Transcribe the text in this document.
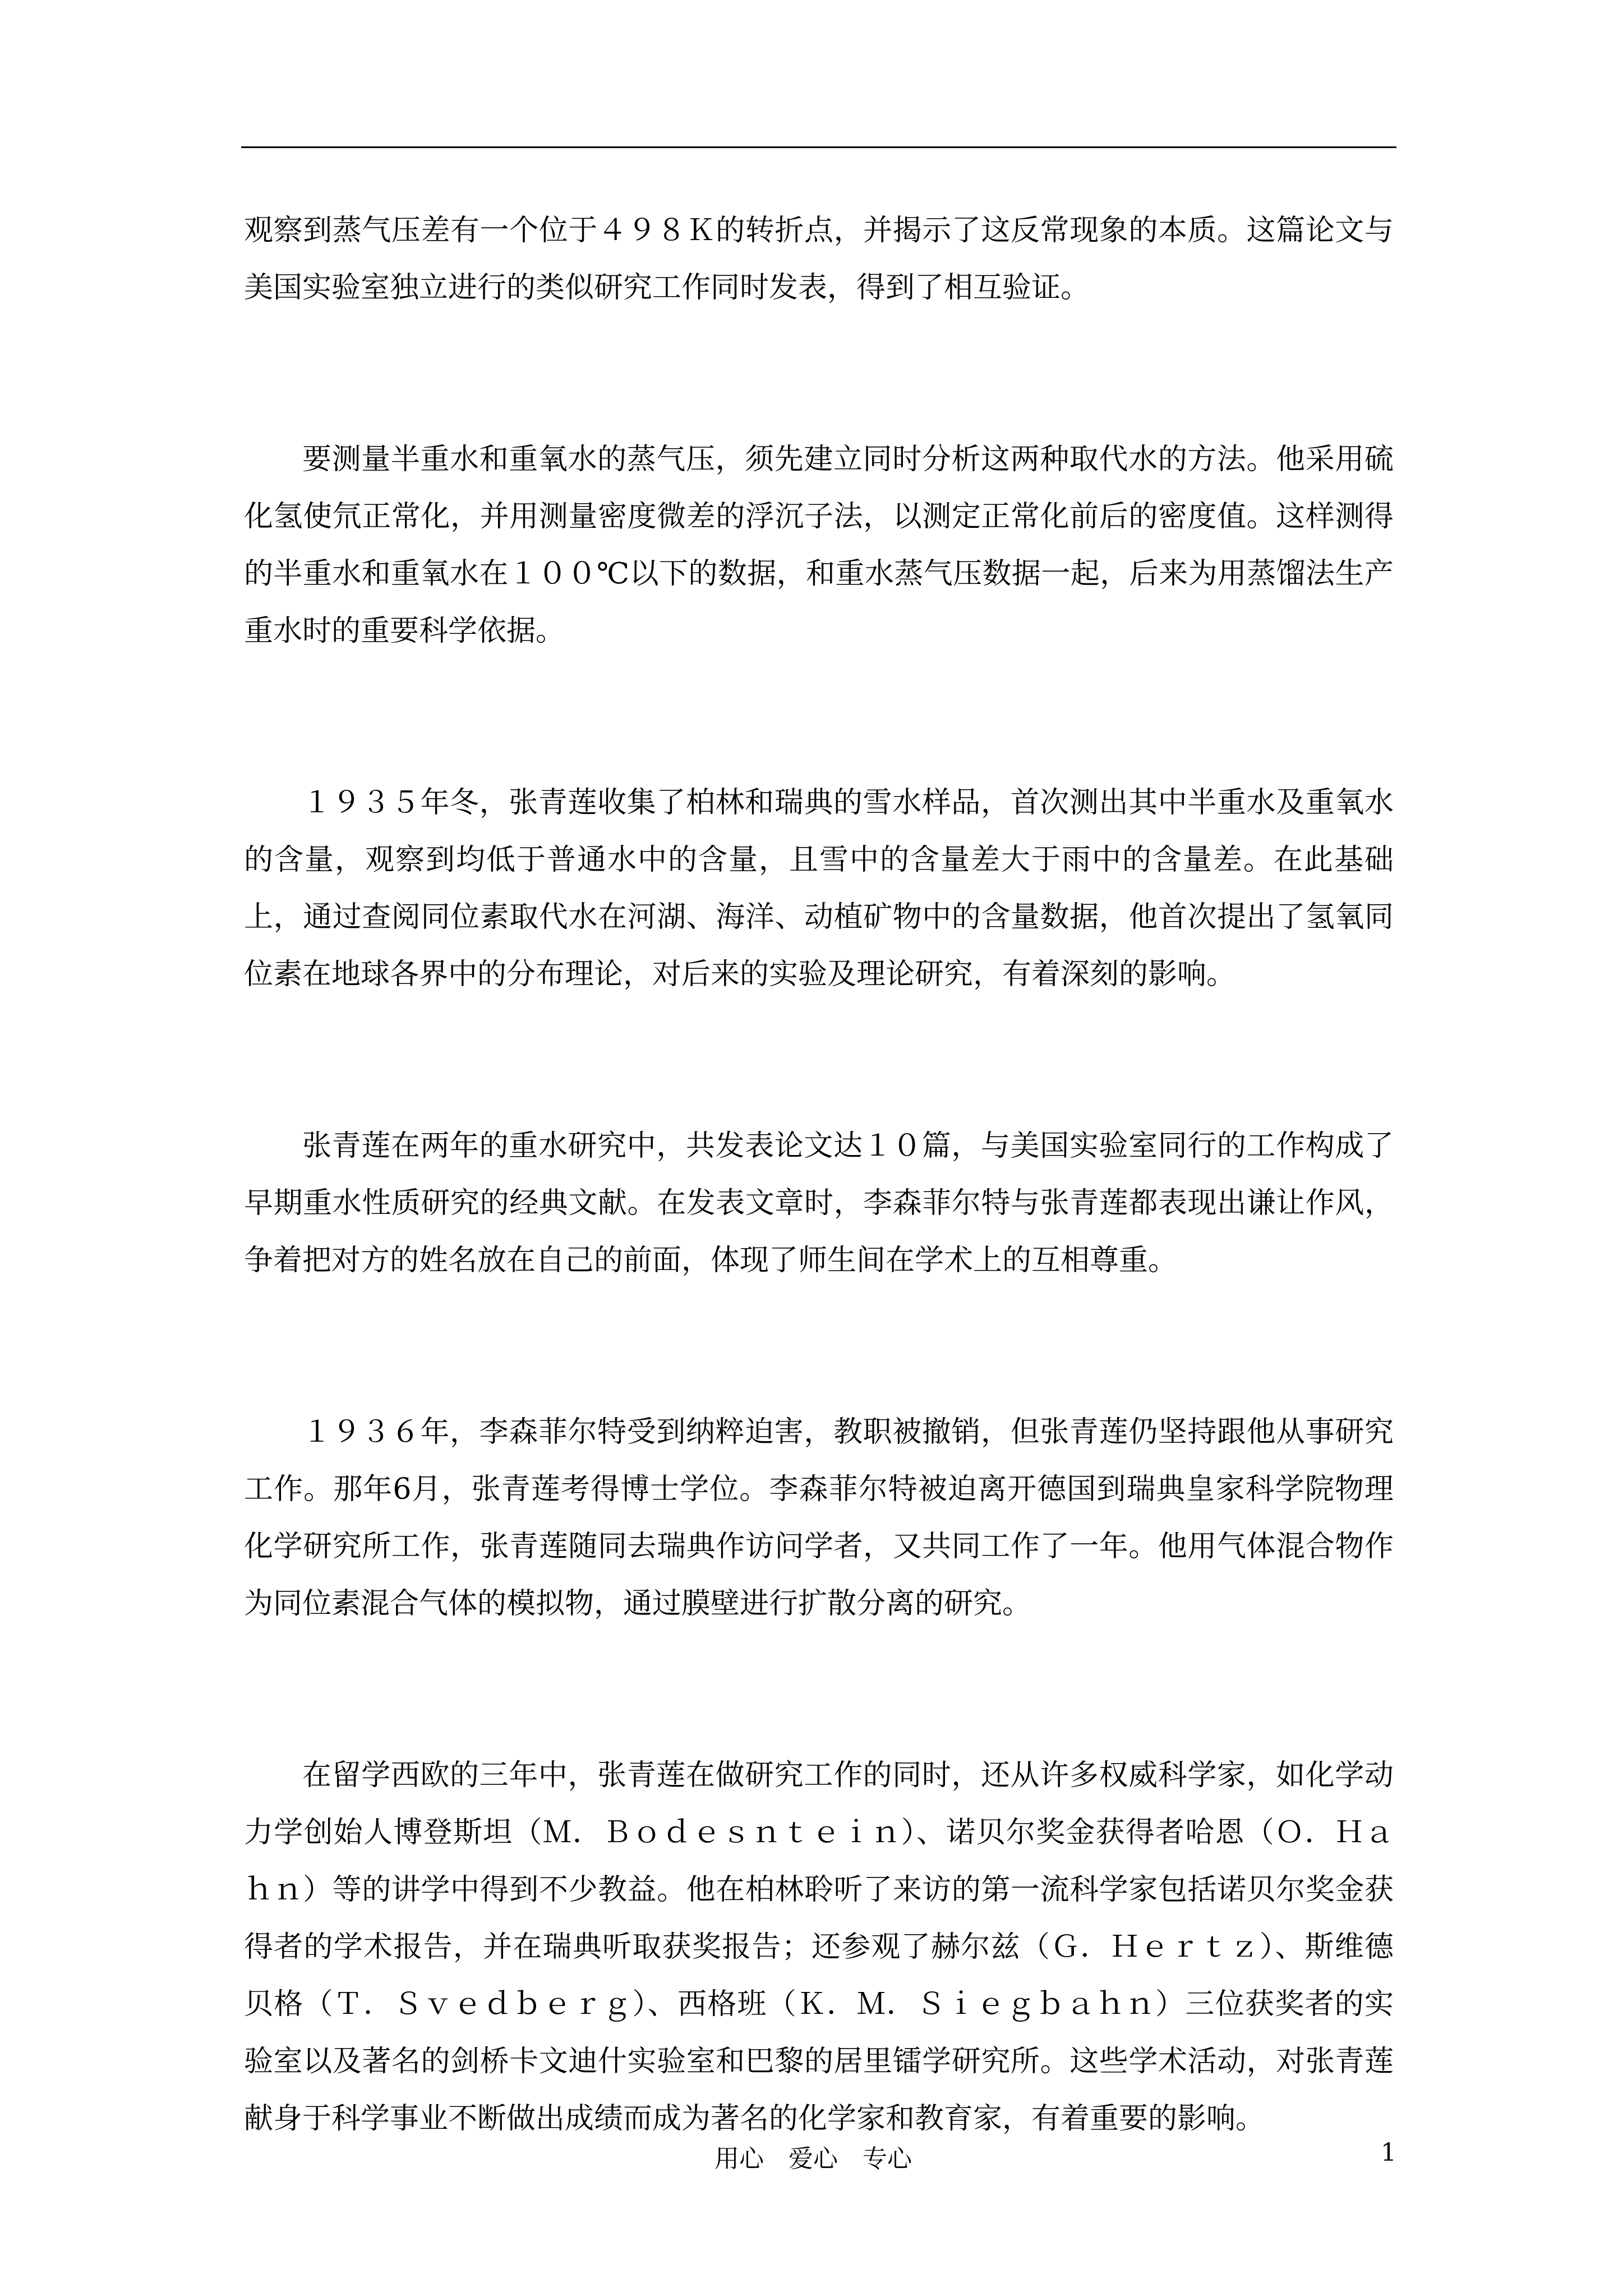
观察到蒸气压差有一个位于４９８Ｋ的转折点，并揭示了这反常现象的本质。这篇论文与美国实验室独立进行的类似研究工作同时发表，得到了相互验证。

要测量半重水和重氧水的蒸气压，须先建立同时分析这两种取代水的方法。他采用硫化氢使氘正常化，并用测量密度微差的浮沉子法，以测定正常化前后的密度值。这样测得的半重水和重氧水在１００℃以下的数据，和重水蒸气压数据一起，后来为用蒸馏法生产重水时的重要科学依据。

１９３５年冬，张青莲收集了柏林和瑞典的雪水样品，首次测出其中半重水及重氧水的含量，观察到均低于普通水中的含量，且雪中的含量差大于雨中的含量差。在此基础上，通过查阅同位素取代水在河湖、海洋、动植矿物中的含量数据，他首次提出了氢氧同位素在地球各界中的分布理论，对后来的实验及理论研究，有着深刻的影响。

张青莲在两年的重水研究中，共发表论文达１０篇，与美国实验室同行的工作构成了早期重水性质研究的经典文献。在发表文章时，李森菲尔特与张青莲都表现出谦让作风，争着把对方的姓名放在自己的前面，体现了师生间在学术上的互相尊重。

１９３６年，李森菲尔特受到纳粹迫害，教职被撤销，但张青莲仍坚持跟他从事研究工作。那年6月，张青莲考得博士学位。李森菲尔特被迫离开德国到瑞典皇家科学院物理化学研究所工作，张青莲随同去瑞典作访问学者，又共同工作了一年。他用气体混合物作为同位素混合气体的模拟物，通过膜壁进行扩散分离的研究。

在留学西欧的三年中，张青莲在做研究工作的同时，还从许多权威科学家，如化学动力学创始人博登斯坦（Ｍ．Ｂｏｄｅｓｎｔｅｉｎ）、诺贝尔奖金获得者哈恩（Ｏ．Ｈａｈｎ）等的讲学中得到不少教益。他在柏林聆听了来访的第一流科学家包括诺贝尔奖金获得者的学术报告，并在瑞典听取获奖报告；还参观了赫尔兹（Ｇ．Ｈｅｒｔｚ）、斯维德贝格（Ｔ．Ｓｖｅｄｂｅｒｇ）、西格班（Ｋ．Ｍ．Ｓｉｅｇｂａｈｎ）三位获奖者的实验室以及著名的剑桥卡文迪什实验室和巴黎的居里镭学研究所。这些学术活动，对张青莲献身于科学事业不断做出成绩而成为著名的化学家和教育家，有着重要的影响。

用心　爱心　专心	1
